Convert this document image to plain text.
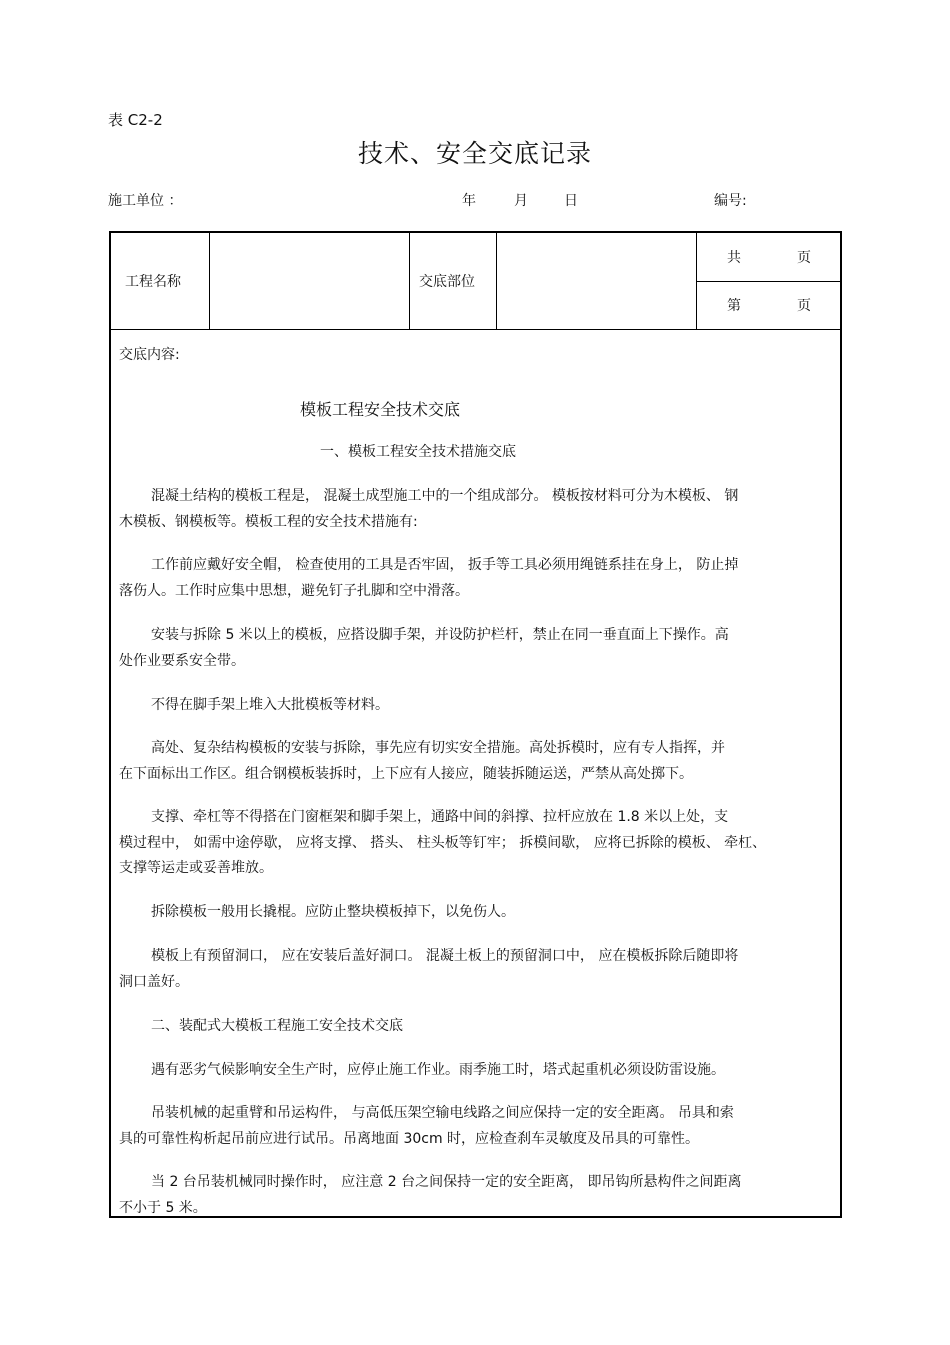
表 C2-2
技术、安全交底记录
施工单位 ：	年	月	日	编号:
工程名称	交底部位
共	页
第	页
交底内容:
模板工程安全技术交底
一、模板工程安全技术措施交底
混凝土结构的模板工程是， 混凝土成型施工中的一个组成部分。 模板按材料可分为木模板、 钢
木模板、钢模板等。模板工程的安全技术措施有:
工作前应戴好安全帽， 检查使用的工具是否牢固， 扳手等工具必须用绳链系挂在身上， 防止掉
落伤人。工作时应集中思想，避免钉子扎脚和空中滑落。
安装与拆除 5 米以上的模板，应搭设脚手架，并设防护栏杆，禁止在同一垂直面上下操作。高
处作业要系安全带。
不得在脚手架上堆入大批模板等材料。
高处、复杂结构模板的安装与拆除，事先应有切实安全措施。高处拆模时，应有专人指挥，并
在下面标出工作区。组合钢模板装拆时，上下应有人接应，随装拆随运送，严禁从高处掷下。
支撑、牵杠等不得搭在门窗框架和脚手架上，通路中间的斜撑、拉杆应放在 1.8 米以上处，支
模过程中， 如需中途停歇， 应将支撑、 搭头、 柱头板等钉牢； 拆模间歇， 应将已拆除的模板、 牵杠、
支撑等运走或妥善堆放。
拆除模板一般用长撬棍。应防止整块模板掉下，以免伤人。
模板上有预留洞口， 应在安装后盖好洞口。 混凝土板上的预留洞口中， 应在模板拆除后随即将
洞口盖好。
二、装配式大模板工程施工安全技术交底
遇有恶劣气候影响安全生产时，应停止施工作业。雨季施工时，塔式起重机必须设防雷设施。
吊装机械的起重臂和吊运构件， 与高低压架空输电线路之间应保持一定的安全距离。 吊具和索
具的可靠性构析起吊前应进行试吊。吊离地面 30cm 时，应检查刹车灵敏度及吊具的可靠性。
当 2 台吊装机械同时操作时， 应注意 2 台之间保持一定的安全距离， 即吊钩所悬构件之间距离
不小于 5 米。
